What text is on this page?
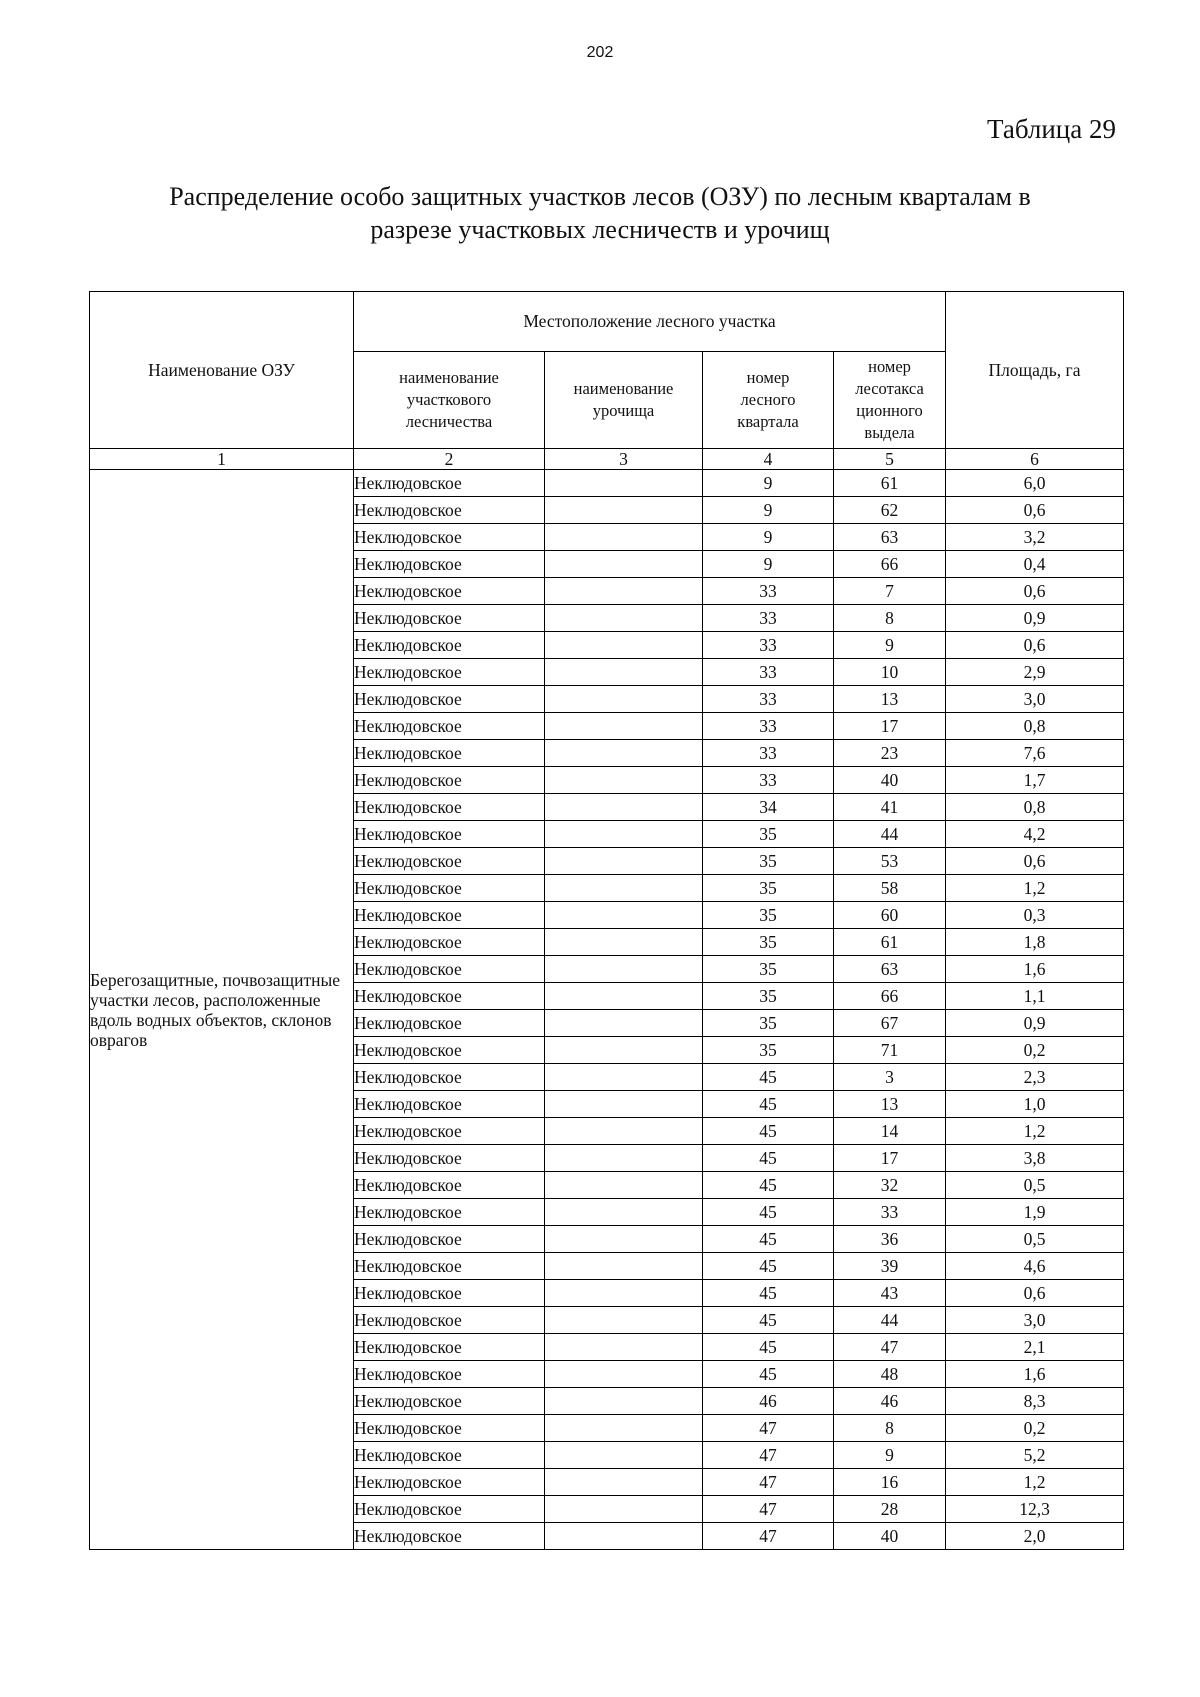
202
Таблица 29
Распределение особо защитных участков лесов (ОЗУ) по лесным кварталам в
разрезе участковых лесничеств и урочищ
Наименование ОЗУ	Местоположение лесного участка				Площадь, га
	наименование участкового лесничества	наименование урочища	номер лесного квартала	номер лесотакса ционного выдела	
1	2	3	4	5	6
Берегозащитные, почвозащитные участки лесов, расположенные вдоль водных объектов, склонов оврагов	Неклюдовское		9	61	6,0
	Неклюдовское		9	62	0,6
	Неклюдовское		9	63	3,2
	Неклюдовское		9	66	0,4
	Неклюдовское		33	7	0,6
	Неклюдовское		33	8	0,9
	Неклюдовское		33	9	0,6
	Неклюдовское		33	10	2,9
	Неклюдовское		33	13	3,0
	Неклюдовское		33	17	0,8
	Неклюдовское		33	23	7,6
	Неклюдовское		33	40	1,7
	Неклюдовское		34	41	0,8
	Неклюдовское		35	44	4,2
	Неклюдовское		35	53	0,6
	Неклюдовское		35	58	1,2
	Неклюдовское		35	60	0,3
	Неклюдовское		35	61	1,8
	Неклюдовское		35	63	1,6
	Неклюдовское		35	66	1,1
	Неклюдовское		35	67	0,9
	Неклюдовское		35	71	0,2
	Неклюдовское		45	3	2,3
	Неклюдовское		45	13	1,0
	Неклюдовское		45	14	1,2
	Неклюдовское		45	17	3,8
	Неклюдовское		45	32	0,5
	Неклюдовское		45	33	1,9
	Неклюдовское		45	36	0,5
	Неклюдовское		45	39	4,6
	Неклюдовское		45	43	0,6
	Неклюдовское		45	44	3,0
	Неклюдовское		45	47	2,1
	Неклюдовское		45	48	1,6
	Неклюдовское		46	46	8,3
	Неклюдовское		47	8	0,2
	Неклюдовское		47	9	5,2
	Неклюдовское		47	16	1,2
	Неклюдовское		47	28	12,3
	Неклюдовское		47	40	2,0
